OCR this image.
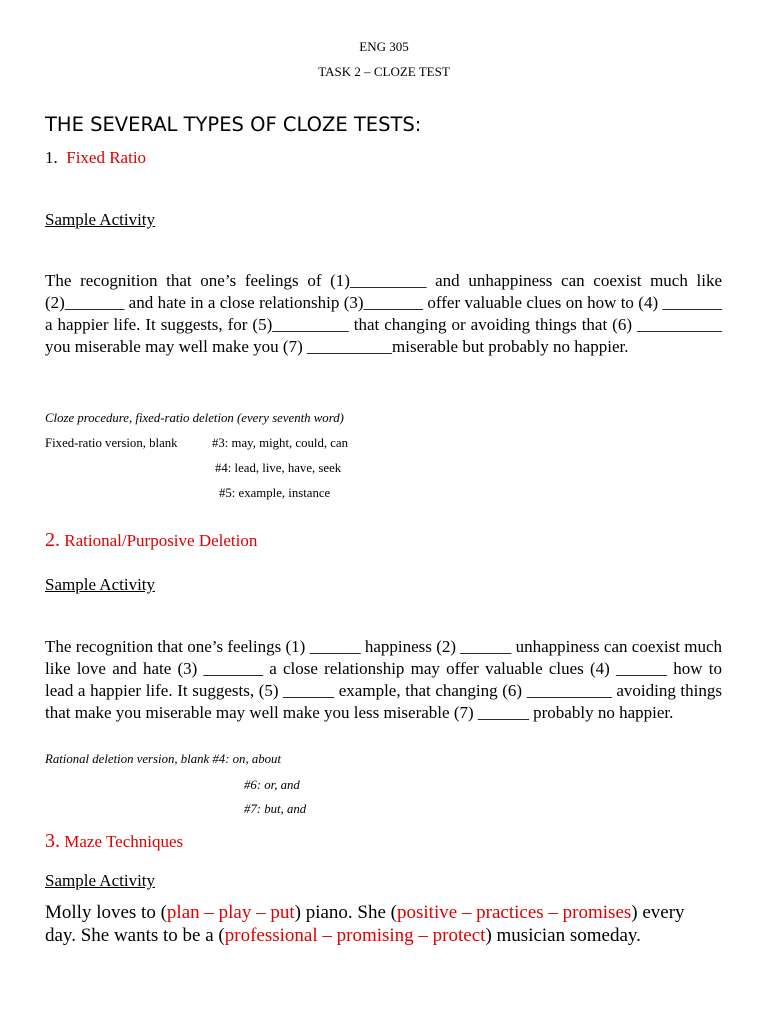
ENG 305
TASK 2 – CLOZE TEST
THE SEVERAL TYPES OF CLOZE TESTS:
1. Fixed Ratio
Sample Activity
The recognition that one’s feelings of (1)_________ and unhappiness can coexist much like (2)_______ and hate in a close relationship (3)_______ offer valuable clues on how to (4) _______ a happier life. It suggests, for (5)_________ that changing or avoiding things that (6) __________ you miserable may well make you (7) __________miserable but probably no happier.
Cloze procedure, fixed-ratio deletion (every seventh word)
Fixed-ratio version, blank	#3: may, might, could, can
#4: lead, live, have, seek
#5: example, instance
2. Rational/Purposive Deletion
Sample Activity
The recognition that one’s feelings (1) ______ happiness (2) ______ unhappiness can coexist much like love and hate (3) _______ a close relationship may offer valuable clues (4) ______ how to lead a happier life. It suggests, (5) ______ example, that changing (6) __________ avoiding things that make you miserable may well make you less miserable (7) ______ probably no happier.
Rational deletion version, blank #4: on, about
#6: or, and
#7: but, and
3. Maze Techniques
Sample Activity
Molly loves to (plan – play – put) piano. She (positive – practices – promises) every day. She wants to be a (professional – promising – protect) musician someday.
